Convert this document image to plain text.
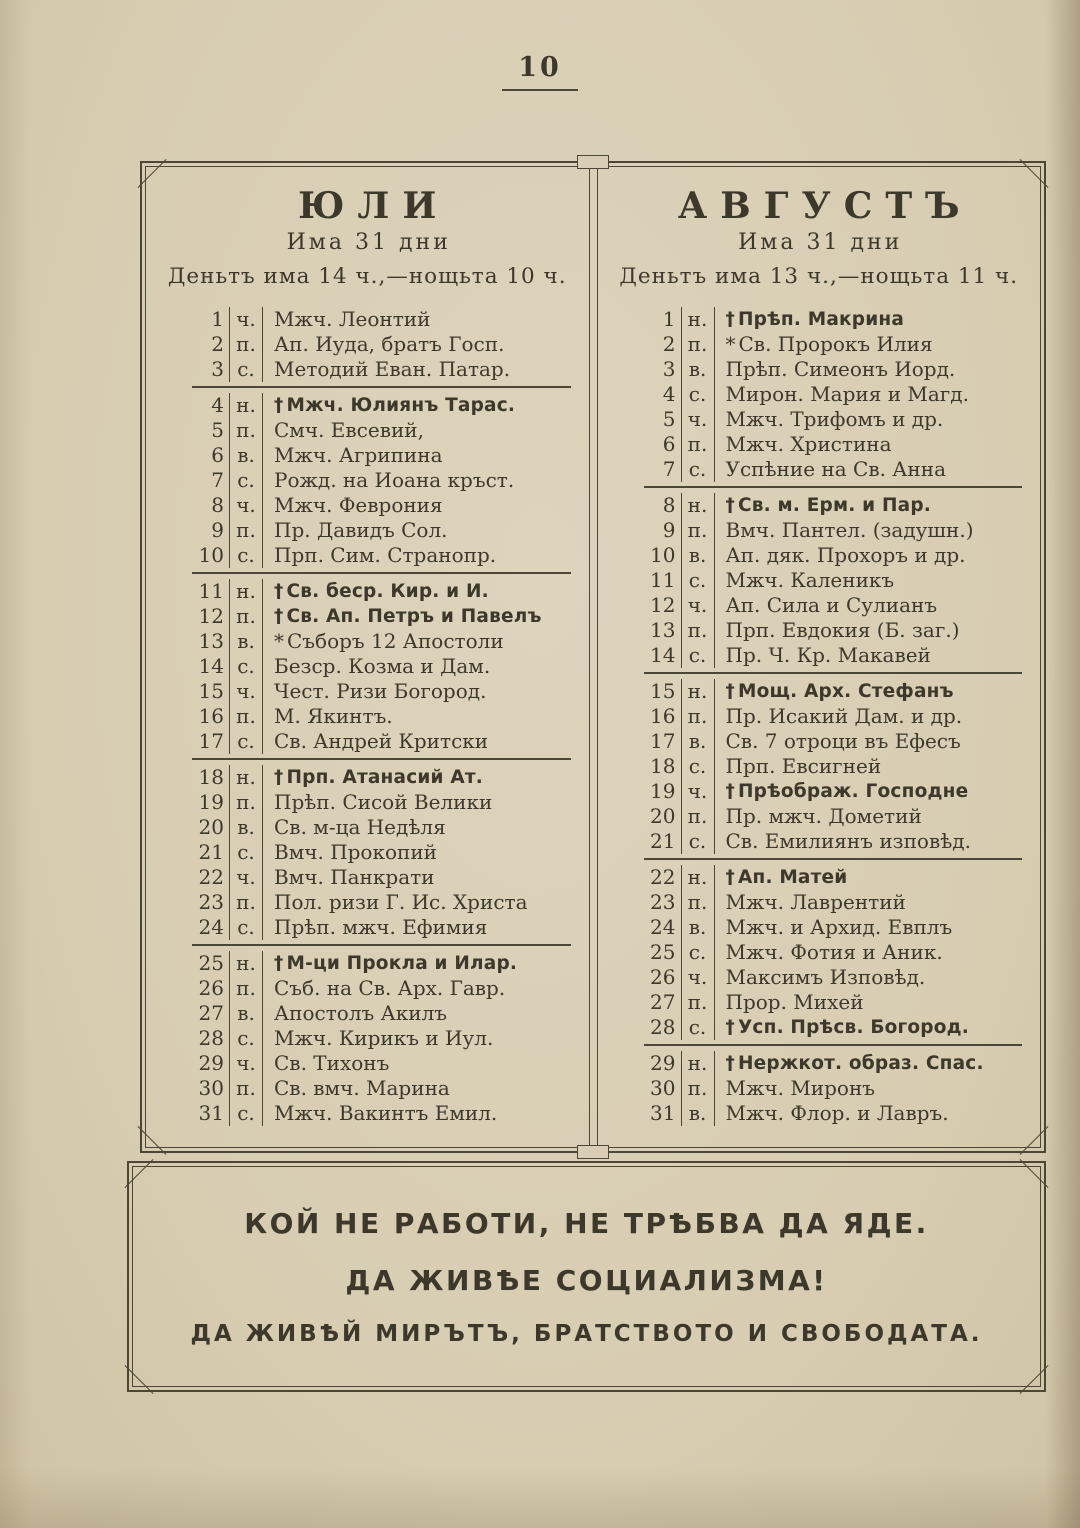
10
ЮЛИ
Има 31 дни
Деньтъ има 14 ч.,—нощьта 10 ч.
1 ч. Мжч. Леонтий
2 п. Ап. Иуда, братъ Госп.
3 с. Методий Еван. Патар.
4 н. † Мжч. Юлиянъ Тарас.
5 п. Смч. Евсевий,
6 в. Мжч. Агрипина
7 с. Рожд. на Иоана кръст.
8 ч. Мжч. Феврония
9 п. Пр. Давидъ Сол.
10 с. Прп. Сим. Странопр.
11 н. † Св. беср. Кир. и И.
12 п. † Св. Ап. Петръ и Павелъ
13 в. * Съборъ 12 Апостоли
14 с. Безср. Козма и Дам.
15 ч. Чест. Ризи Богород.
16 п. М. Якинтъ.
17 с. Св. Андрей Критски
18 н. † Прп. Атанасий Ат.
19 п. Прѣп. Сисой Велики
20 в. Св. м-ца Недѣля
21 с. Вмч. Прокопий
22 ч. Вмч. Панкрати
23 п. Пол. ризи Г. Ис. Христа
24 с. Прѣп. мжч. Ефимия
25 н. † М-ци Прокла и Илар.
26 п. Съб. на Св. Арх. Гавр.
27 в. Апостолъ Акилъ
28 с. Мжч. Кирикъ и Иул.
29 ч. Св. Тихонъ
30 п. Св. вмч. Марина
31 с. Мжч. Вакинтъ Емил.
АВГУСТЪ
Има 31 дни
Деньтъ има 13 ч.,—нощьта 11 ч.
1 н. † Прѣп. Макрина
2 п. * Св. Пророкъ Илия
3 в. Прѣп. Симеонъ Иорд.
4 с. Мирон. Мария и Магд.
5 ч. Мжч. Трифомъ и др.
6 п. Мжч. Христина
7 с. Успѣние на Св. Анна
8 н. † Св. м. Ерм. и Пар.
9 п. Вмч. Пантел. (задушн.)
10 в. Ап. дяк. Прохоръ и др.
11 с. Мжч. Каленикъ
12 ч. Ап. Сила и Сулианъ
13 п. Прп. Евдокия (Б. заг.)
14 с. Пр. Ч. Кр. Макавей
15 н. † Мощ. Арх. Стефанъ
16 п. Пр. Исакий Дам. и др.
17 в. Св. 7 отроци въ Ефесъ
18 с. Прп. Евсигней
19 ч. † Прѣображ. Господне
20 п. Пр. мжч. Дометий
21 с. Св. Емилиянъ изповѣд.
22 н. † Ап. Матей
23 п. Мжч. Лаврентий
24 в. Мжч. и Архид. Евплъ
25 с. Мжч. Фотия и Аник.
26 ч. Максимъ Изповѣд.
27 п. Прор. Михей
28 с.	† Усп. Прѣсв. Богород.
29 н. † Нержкот. образ. Спас.
30 п. Мжч. Миронъ
31 в. Мжч. Флор. и Лавръ.
КОЙ НЕ РАБОТИ, НЕ ТРѢБВА ДА ЯДЕ.
ДА ЖИВѢЕ СОЦИАЛИЗМА!
ДА ЖИВѢЙ МИРЪТЪ, БРАТСТВОТО И СВОБОДАТА.
